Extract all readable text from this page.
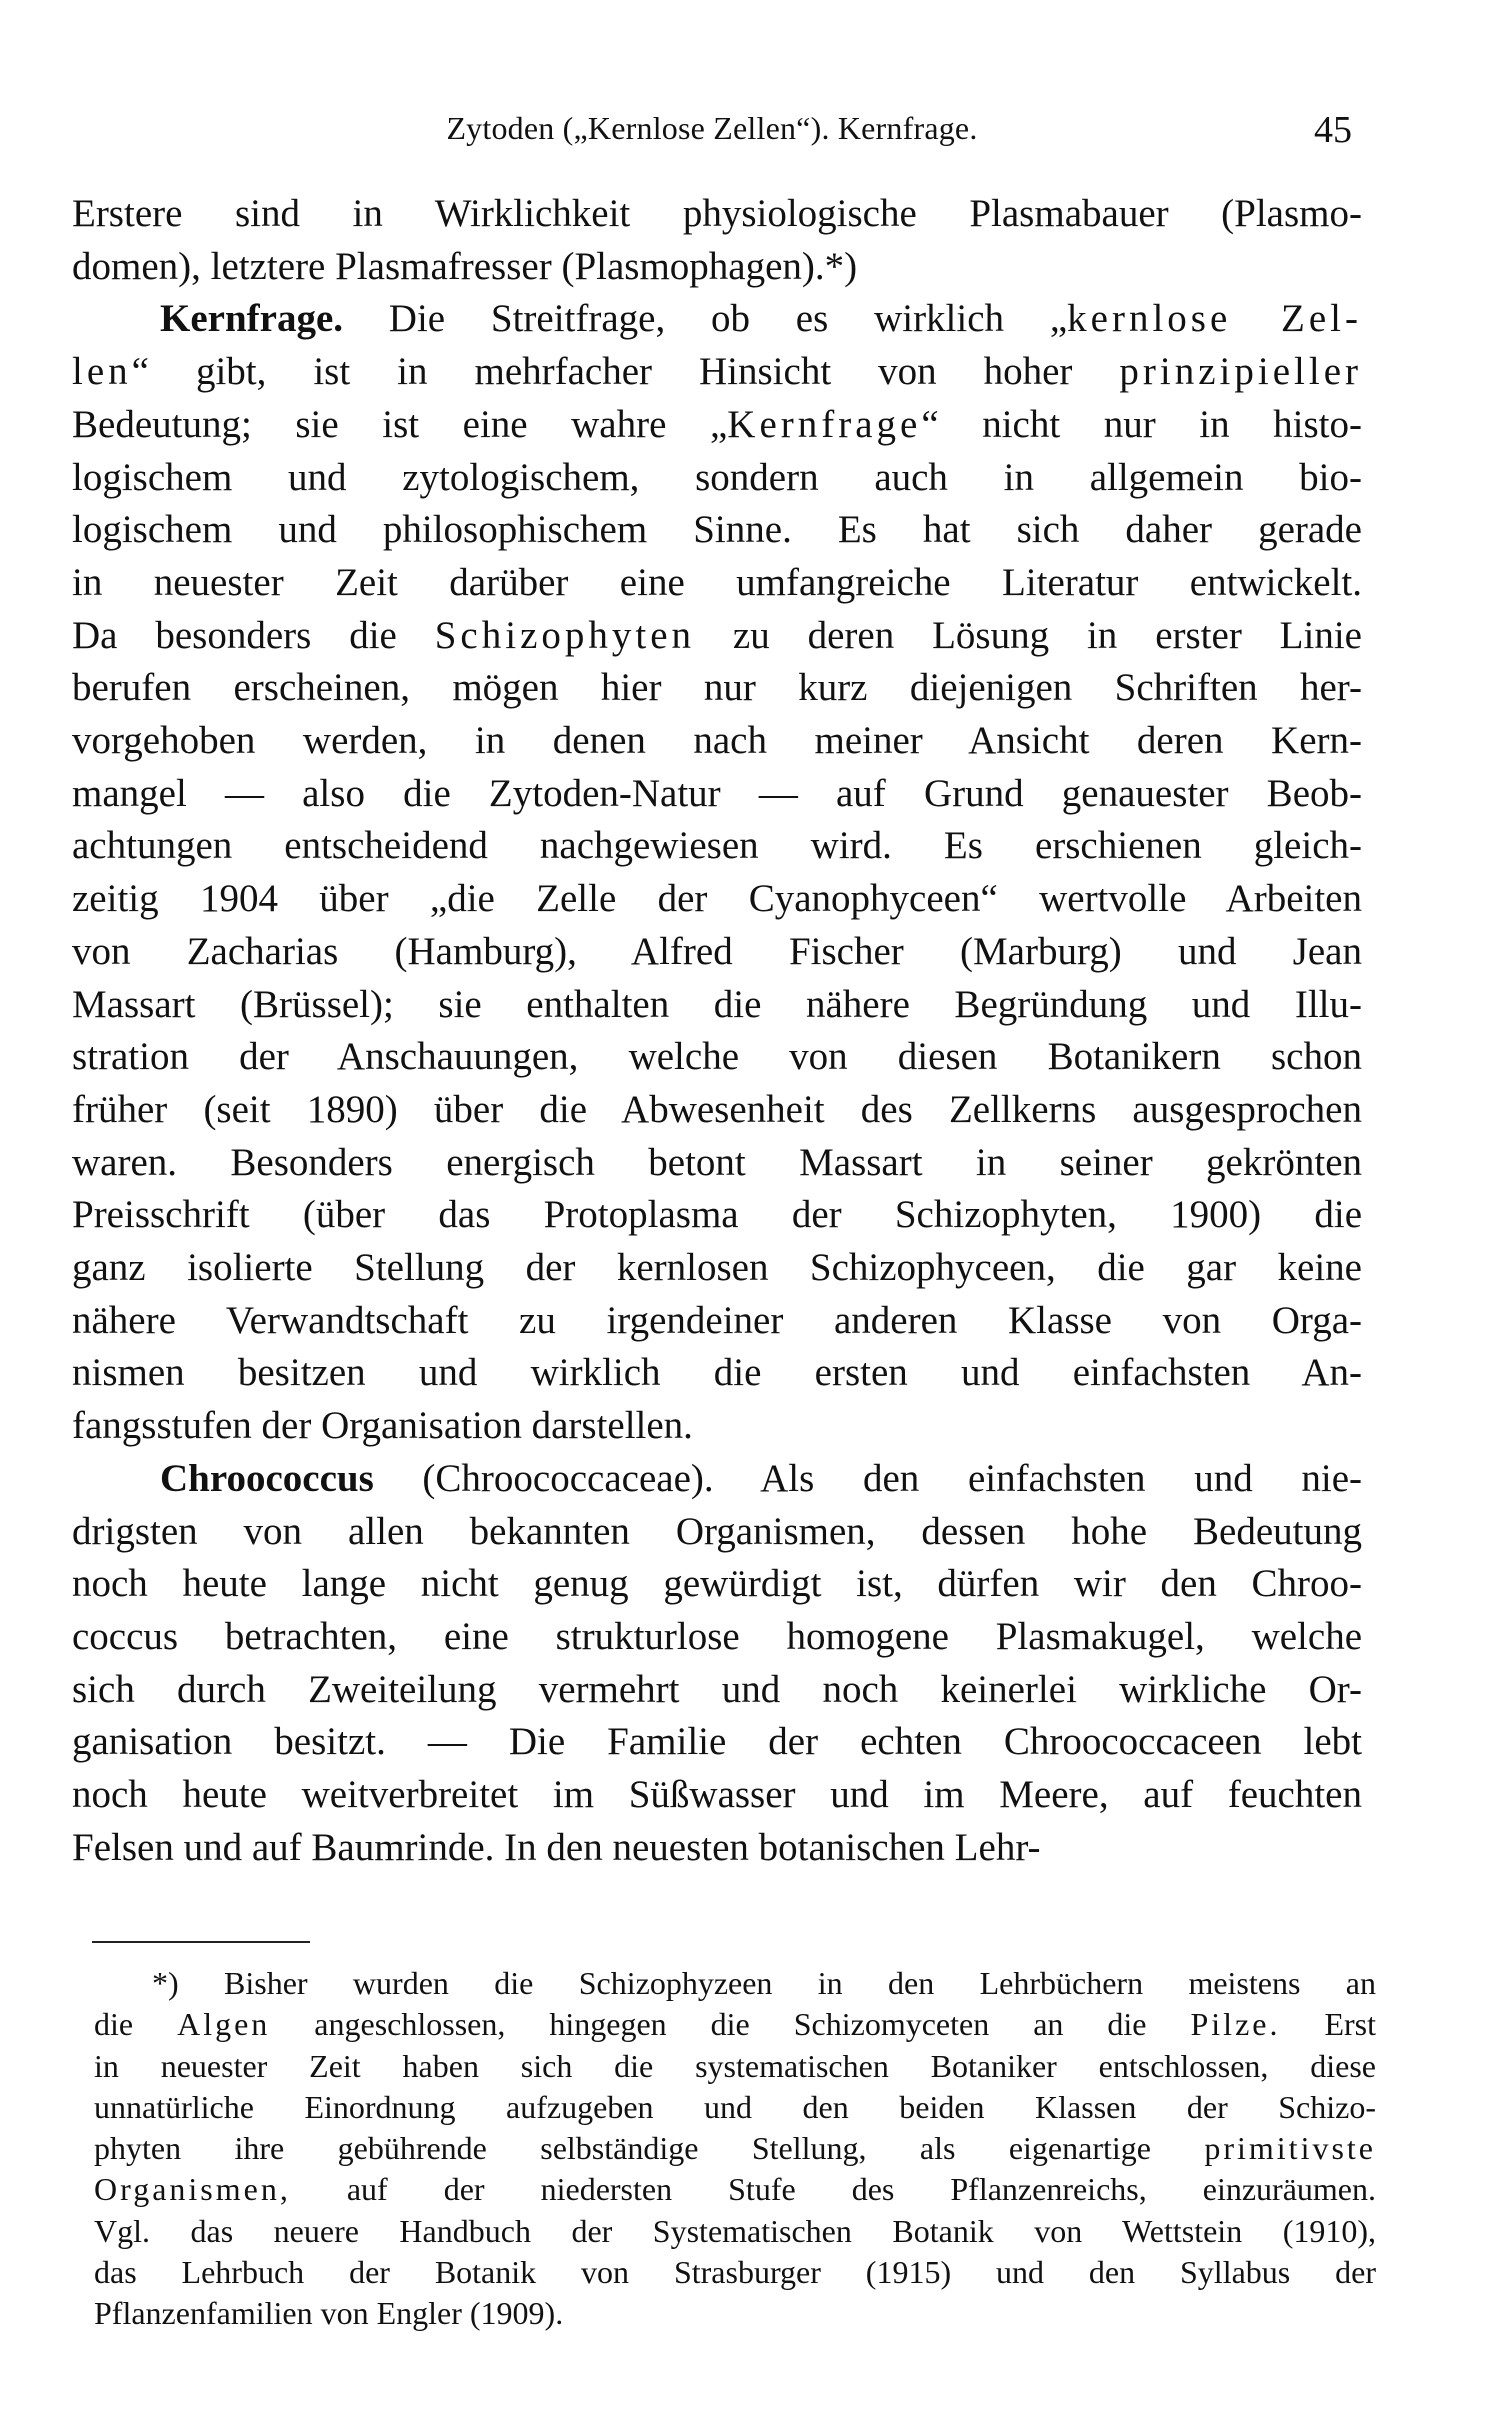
Zytoden („Kernlose Zellen“). Kernfrage.	45
Erstere sind in Wirklichkeit physiologische Plasmabauer (Plasmo-
domen), letztere Plasmafresser (Plasmophagen).*)
Kernfrage. Die Streitfrage, ob es wirklich „kernlose Zel-
len“ gibt, ist in mehrfacher Hinsicht von hoher prinzipieller
Bedeutung; sie ist eine wahre „Kernfrage“ nicht nur in histo-
logischem und zytologischem, sondern auch in allgemein bio-
logischem und philosophischem Sinne. Es hat sich daher gerade
in neuester Zeit darüber eine umfangreiche Literatur entwickelt.
Da besonders die Schizophyten zu deren Lösung in erster Linie
berufen erscheinen, mögen hier nur kurz diejenigen Schriften her-
vorgehoben werden, in denen nach meiner Ansicht deren Kern-
mangel — also die Zytoden-Natur — auf Grund genauester Beob-
achtungen entscheidend nachgewiesen wird. Es erschienen gleich-
zeitig 1904 über „die Zelle der Cyanophyceen“ wertvolle Arbeiten
von Zacharias (Hamburg), Alfred Fischer (Marburg) und Jean
Massart (Brüssel); sie enthalten die nähere Begründung und Illu-
stration der Anschauungen, welche von diesen Botanikern schon
früher (seit 1890) über die Abwesenheit des Zellkerns ausgesprochen
waren. Besonders energisch betont Massart in seiner gekrönten
Preisschrift (über das Protoplasma der Schizophyten, 1900) die
ganz isolierte Stellung der kernlosen Schizophyceen, die gar keine
nähere Verwandtschaft zu irgendeiner anderen Klasse von Orga-
nismen besitzen und wirklich die ersten und einfachsten An-
fangsstufen der Organisation darstellen.
Chroococcus (Chroococcaceae). Als den einfachsten und nie-
drigsten von allen bekannten Organismen, dessen hohe Bedeutung
noch heute lange nicht genug gewürdigt ist, dürfen wir den Chroo-
coccus betrachten, eine strukturlose homogene Plasmakugel, welche
sich durch Zweiteilung vermehrt und noch keinerlei wirkliche Or-
ganisation besitzt. — Die Familie der echten Chroococcaceen lebt
noch heute weitverbreitet im Süßwasser und im Meere, auf feuchten
Felsen und auf Baumrinde. In den neuesten botanischen Lehr-
*) Bisher wurden die Schizophyzeen in den Lehrbüchern meistens an
die Algen angeschlossen, hingegen die Schizomyceten an die Pilze. Erst
in neuester Zeit haben sich die systematischen Botaniker entschlossen, diese
unnatürliche Einordnung aufzugeben und den beiden Klassen der Schizo-
phyten ihre gebührende selbständige Stellung, als eigenartige primitivste
Organismen, auf der niedersten Stufe des Pflanzenreichs, einzuräumen.
Vgl. das neuere Handbuch der Systematischen Botanik von Wettstein (1910),
das Lehrbuch der Botanik von Strasburger (1915) und den Syllabus der
Pflanzenfamilien von Engler (1909).
